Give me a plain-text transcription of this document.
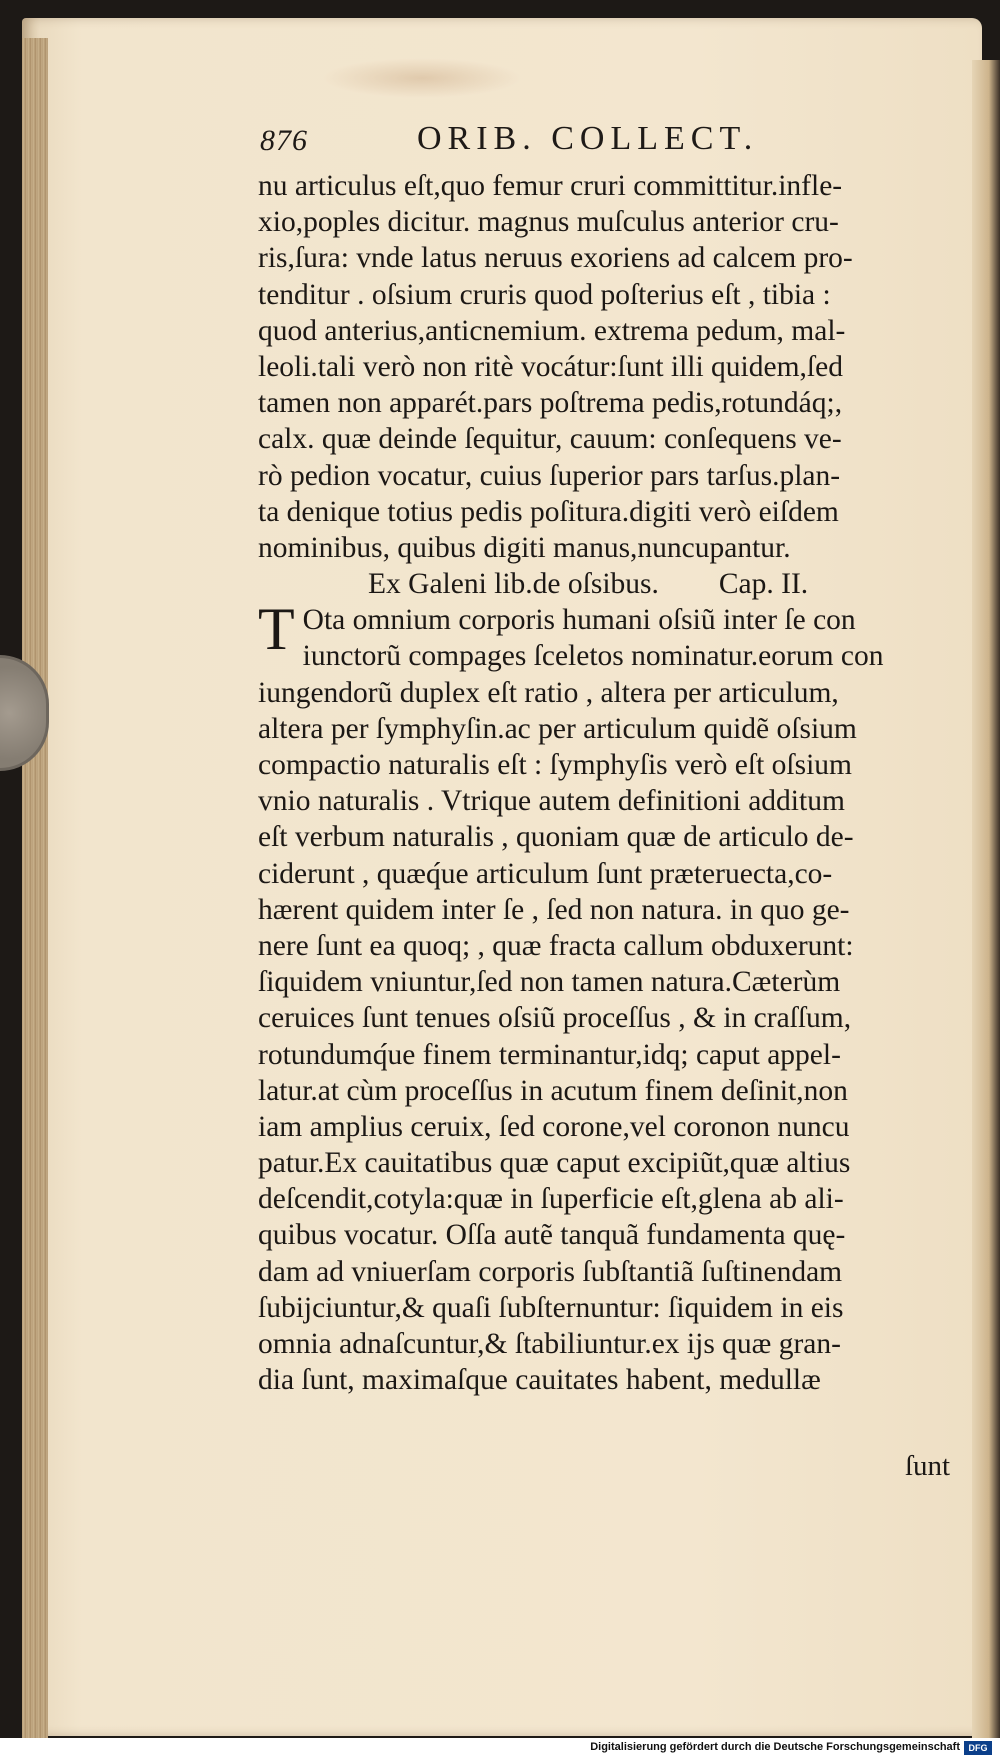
876	ORIB. COLLECT.
nu articulus eſt,quo femur cruri committitur.infle-
xio,poples dicitur. magnus muſculus anterior cru-
ris,ſura: vnde latus neruus exoriens ad calcem pro-
tenditur . oſsium cruris quod poſterius eſt , tibia :
quod anterius,anticnemium. extrema pedum, mal-
leoli.tali verò non ritè vocátur:ſunt illi quidem,ſed
tamen non apparét.pars poſtrema pedis,rotundáq;,
calx. quæ deinde ſequitur, cauum: conſequens ve-
rò pedion vocatur, cuius ſuperior pars tarſus.plan-
ta denique totius pedis poſitura.digiti verò eiſdem
nominibus, quibus digiti manus,nuncupantur.
Ex Galeni lib.de oſsibus. Cap. II.
T Ota omnium corporis humani oſsiũ inter ſe con
iunctorũ compages ſceletos nominatur.eorum con
iungendorũ duplex eſt ratio , altera per articulum,
altera per ſymphyſin.ac per articulum quidẽ oſsium
compactio naturalis eſt : ſymphyſis verò eſt oſsium
vnio naturalis . Vtrique autem definitioni additum
eſt verbum naturalis , quoniam quæ de articulo de-
ciderunt , quæq́ue articulum ſunt præteruecta,co-
hærent quidem inter ſe , ſed non natura. in quo ge-
nere ſunt ea quoq; , quæ fracta callum obduxerunt:
ſiquidem vniuntur,ſed non tamen natura.Cæterùm
ceruices ſunt tenues oſsiũ proceſſus , & in craſſum,
rotundumq́ue finem terminantur,idq; caput appel-
latur.at cùm proceſſus in acutum finem deſinit,non
iam amplius ceruix, ſed corone,vel coronon nuncu
patur.Ex cauitatibus quæ caput excipiũt,quæ altius
deſcendit,cotyla:quæ in ſuperficie eſt,glena ab ali-
quibus vocatur. Oſſa autẽ tanquã fundamenta quę-
dam ad vniuerſam corporis ſubſtantiã ſuſtinendam
ſubijciuntur,& quaſi ſubſternuntur: ſiquidem in eis
omnia adnaſcuntur,& ſtabiliuntur.ex ijs quæ gran-
dia ſunt, maximaſque cauitates habent, medullæ
ſunt
Digitalisierung gefördert durch die Deutsche Forschungsgemeinschaft DFG
